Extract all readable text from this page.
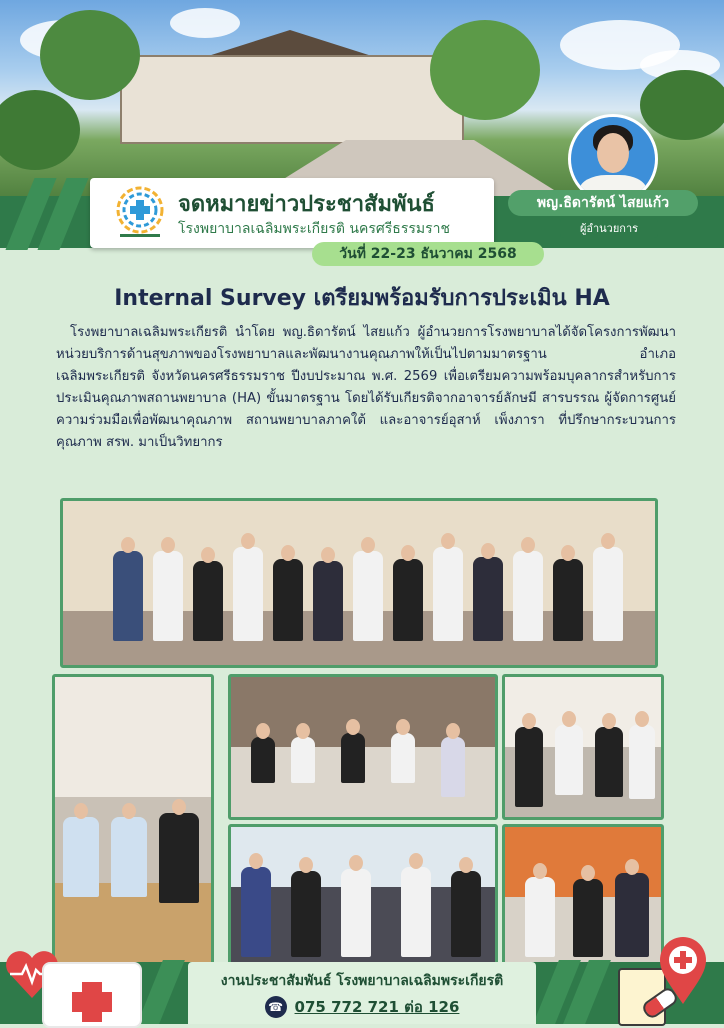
จดหมายข่าวประชาสัมพันธ์
โรงพยาบาลเฉลิมพระเกียรติ นครศรีธรรมราช
พญ.ธิดารัตน์ ไสยแก้ว
ผู้อำนวยการ
วันที่ 22-23 ธันวาคม 2568
Internal Survey เตรียมพร้อมรับการประเมิน HA
โรงพยาบาลเฉลิมพระเกียรติ นำโดย พญ.ธิดารัตน์ ไสยแก้ว ผู้อำนวยการโรงพยาบาลได้จัดโครงการพัฒนาหน่วยบริการด้านสุขภาพของโรงพยาบาลและพัฒนางานคุณภาพให้เป็นไปตามมาตรฐาน อำเภอเฉลิมพระเกียรติ จังหวัดนครศรีธรรมราช ปีงบประมาณ พ.ศ. 2569 เพื่อเตรียมความพร้อมบุคลากรสำหรับการประเมินคุณภาพสถานพยาบาล (HA) ขั้นมาตรฐาน โดยได้รับเกียรติจากอาจารย์ลักษมี สารบรรณ ผู้จัดการศูนย์ความร่วมมือเพื่อพัฒนาคุณภาพ สถานพยาบาลภาคใต้ และอาจารย์อุสาห์ เพ็งภารา ที่ปรึกษากระบวนการคุณภาพ สรพ. มาเป็นวิทยากร
งานประชาสัมพันธ์ โรงพยาบาลเฉลิมพระเกียรติ
☎ 075 772 721 ต่อ 126
